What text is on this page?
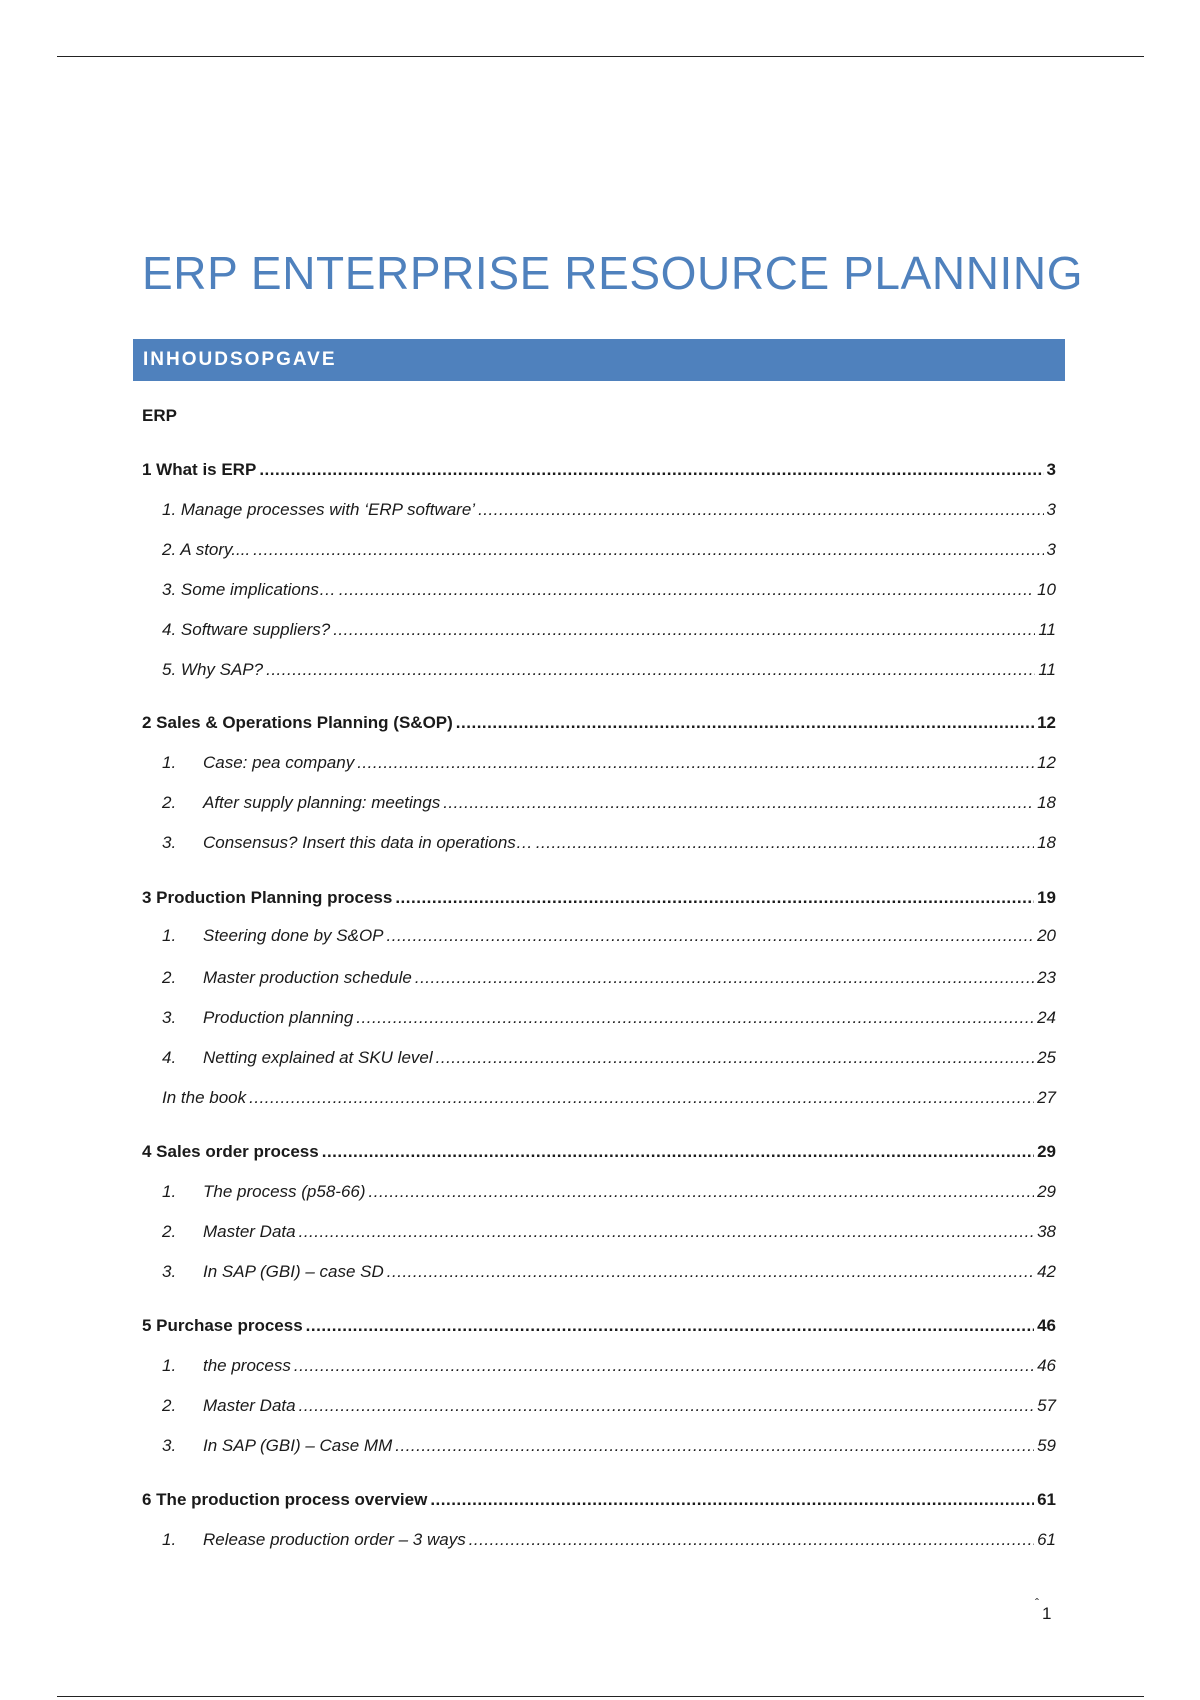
ERP ENTERPRISE RESOURCE PLANNING
INHOUDSOPGAVE
ERP
1 What is ERP .....	3
1. Manage processes with ‘ERP software’ .....	3
2. A story.... .....	3
3. Some implications… .....	10
4. Software suppliers? .....	11
5. Why SAP? .....	11
2 Sales & Operations Planning (S&OP) .....	12
1.	Case: pea company .....	12
2.	After supply planning: meetings .....	18
3.	Consensus? Insert this data in operations… .....	18
3 Production Planning process .....	19
1.	Steering done by S&OP .....	20
2.	Master production schedule .....	23
3.	Production planning .....	24
4.	Netting explained at SKU level .....	25
In the book .....	27
4 Sales order process .....	29
1.	The process (p58-66) .....	29
2.	Master Data .....	38
3.	In SAP (GBI) – case SD .....	42
5 Purchase process .....	46
1.	the process .....	46
2.	Master Data .....	57
3.	In SAP (GBI) – Case MM .....	59
6 The production process overview .....	61
1.	Release production order – 3 ways .....	61
ˆ
1
